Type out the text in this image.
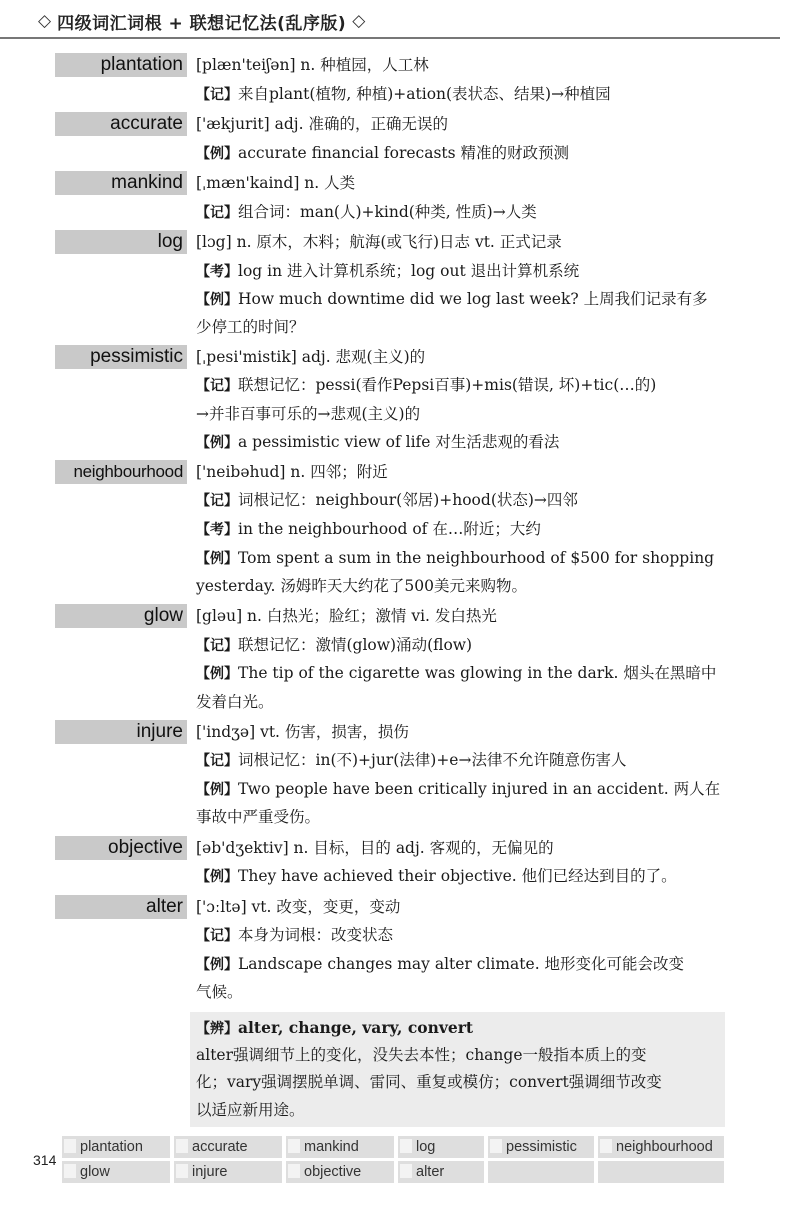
◇ 四级词汇词根 + 联想记忆法(乱序版) ◇
plantation [plæn'teiʃən] n. 种植园，人工林
【记】来自plant(植物, 种植)+ation(表状态、结果)→种植园
accurate ['ækjurit] adj. 准确的，正确无误的
【例】accurate financial forecasts 精准的财政预测
mankind [ˌmæn'kaind] n. 人类
【记】组合词：man(人)+kind(种类, 性质)→人类
log [lɔg] n. 原木，木料；航海(或飞行)日志 vt. 正式记录
【考】log in 进入计算机系统；log out 退出计算机系统
【例】How much downtime did we log last week? 上周我们记录有多
少停工的时间？
pessimistic [ˌpesi'mistik] adj. 悲观(主义)的
【记】联想记忆：pessi(看作Pepsi百事)+mis(错误, 坏)+tic(…的)
→并非百事可乐的→悲观(主义)的
【例】a pessimistic view of life 对生活悲观的看法
neighbourhood ['neibəhud] n. 四邻；附近
【记】词根记忆：neighbour(邻居)+hood(状态)→四邻
【考】in the neighbourhood of 在…附近；大约
【例】Tom spent a sum in the neighbourhood of $500 for shopping
yesterday. 汤姆昨天大约花了500美元来购物。
glow [gləu] n. 白热光；脸红；激情 vi. 发白热光
【记】联想记忆：激情(glow)涌动(flow)
【例】The tip of the cigarette was glowing in the dark. 烟头在黑暗中
发着白光。
injure ['indʒə] vt. 伤害，损害，损伤
【记】词根记忆：in(不)+jur(法律)+e→法律不允许随意伤害人
【例】Two people have been critically injured in an accident. 两人在
事故中严重受伤。
objective [əb'dʒektiv] n. 目标，目的 adj. 客观的，无偏见的
【例】They have achieved their objective. 他们已经达到目的了。
alter ['ɔːltə] vt. 改变，变更，变动
【记】本身为词根：改变状态
【例】Landscape changes may alter climate. 地形变化可能会改变
气候。
【辨】alter, change, vary, convert
alter强调细节上的变化，没失去本性；change一般指本质上的变
化；vary强调摆脱单调、雷同、重复或模仿；convert强调细节改变
以适应新用途。
314
plantation	accurate	mankind	log	pessimistic	neighbourhood
glow	injure	objective	alter
